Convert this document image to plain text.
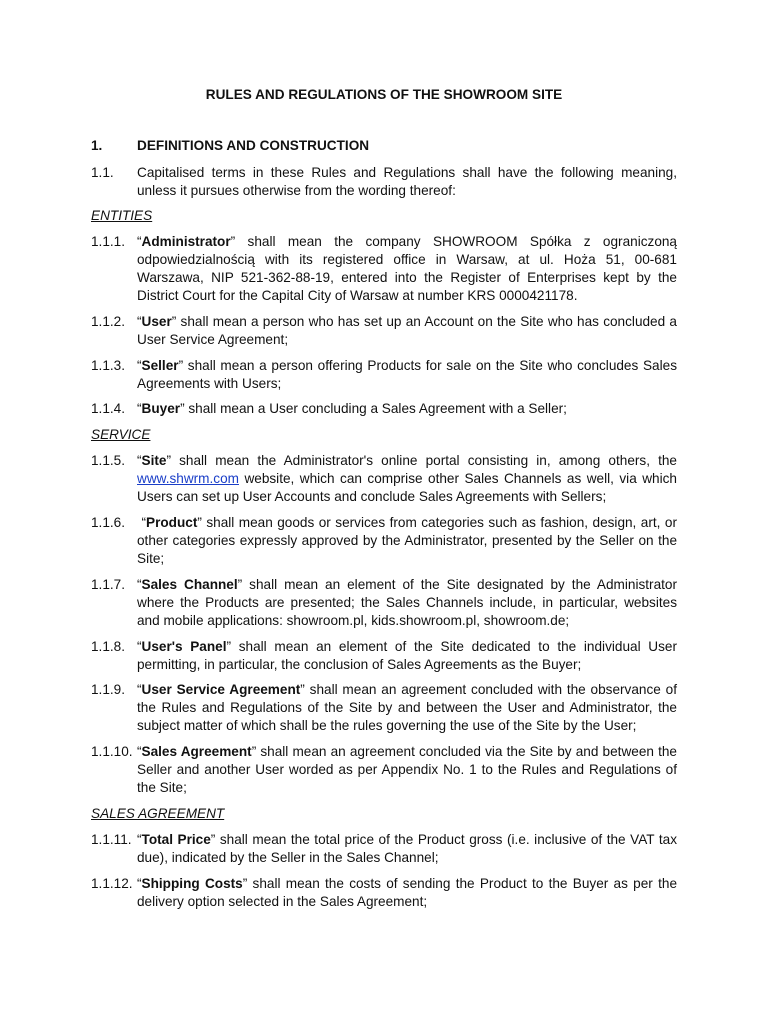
RULES AND REGULATIONS OF THE SHOWROOM SITE
1.	DEFINITIONS AND CONSTRUCTION
1.1. Capitalised terms in these Rules and Regulations shall have the following meaning, unless it pursues otherwise from the wording thereof:
ENTITIES
1.1.1. “Administrator” shall mean the company SHOWROOM Spółka z ograniczoną odpowiedzialnością with its registered office in Warsaw, at ul. Hoża 51, 00-681 Warszawa, NIP 521-362-88-19, entered into the Register of Enterprises kept by the District Court for the Capital City of Warsaw at number KRS 0000421178.
1.1.2. “User” shall mean a person who has set up an Account on the Site who has concluded a User Service Agreement;
1.1.3. “Seller” shall mean a person offering Products for sale on the Site who concludes Sales Agreements with Users;
1.1.4. “Buyer” shall mean a User concluding a Sales Agreement with a Seller;
SERVICE
1.1.5. “Site” shall mean the Administrator's online portal consisting in, among others, the www.shwrm.com website, which can comprise other Sales Channels as well, via which Users can set up User Accounts and conclude Sales Agreements with Sellers;
1.1.6. “Product” shall mean goods or services from categories such as fashion, design, art, or other categories expressly approved by the Administrator, presented by the Seller on the Site;
1.1.7. “Sales Channel” shall mean an element of the Site designated by the Administrator where the Products are presented; the Sales Channels include, in particular, websites and mobile applications: showroom.pl, kids.showroom.pl, showroom.de;
1.1.8. “User's Panel” shall mean an element of the Site dedicated to the individual User permitting, in particular, the conclusion of Sales Agreements as the Buyer;
1.1.9. “User Service Agreement” shall mean an agreement concluded with the observance of the Rules and Regulations of the Site by and between the User and Administrator, the subject matter of which shall be the rules governing the use of the Site by the User;
1.1.10. “Sales Agreement” shall mean an agreement concluded via the Site by and between the Seller and another User worded as per Appendix No. 1 to the Rules and Regulations of the Site;
SALES AGREEMENT
1.1.11. “Total Price” shall mean the total price of the Product gross (i.e. inclusive of the VAT tax due), indicated by the Seller in the Sales Channel;
1.1.12. “Shipping Costs” shall mean the costs of sending the Product to the Buyer as per the delivery option selected in the Sales Agreement;
